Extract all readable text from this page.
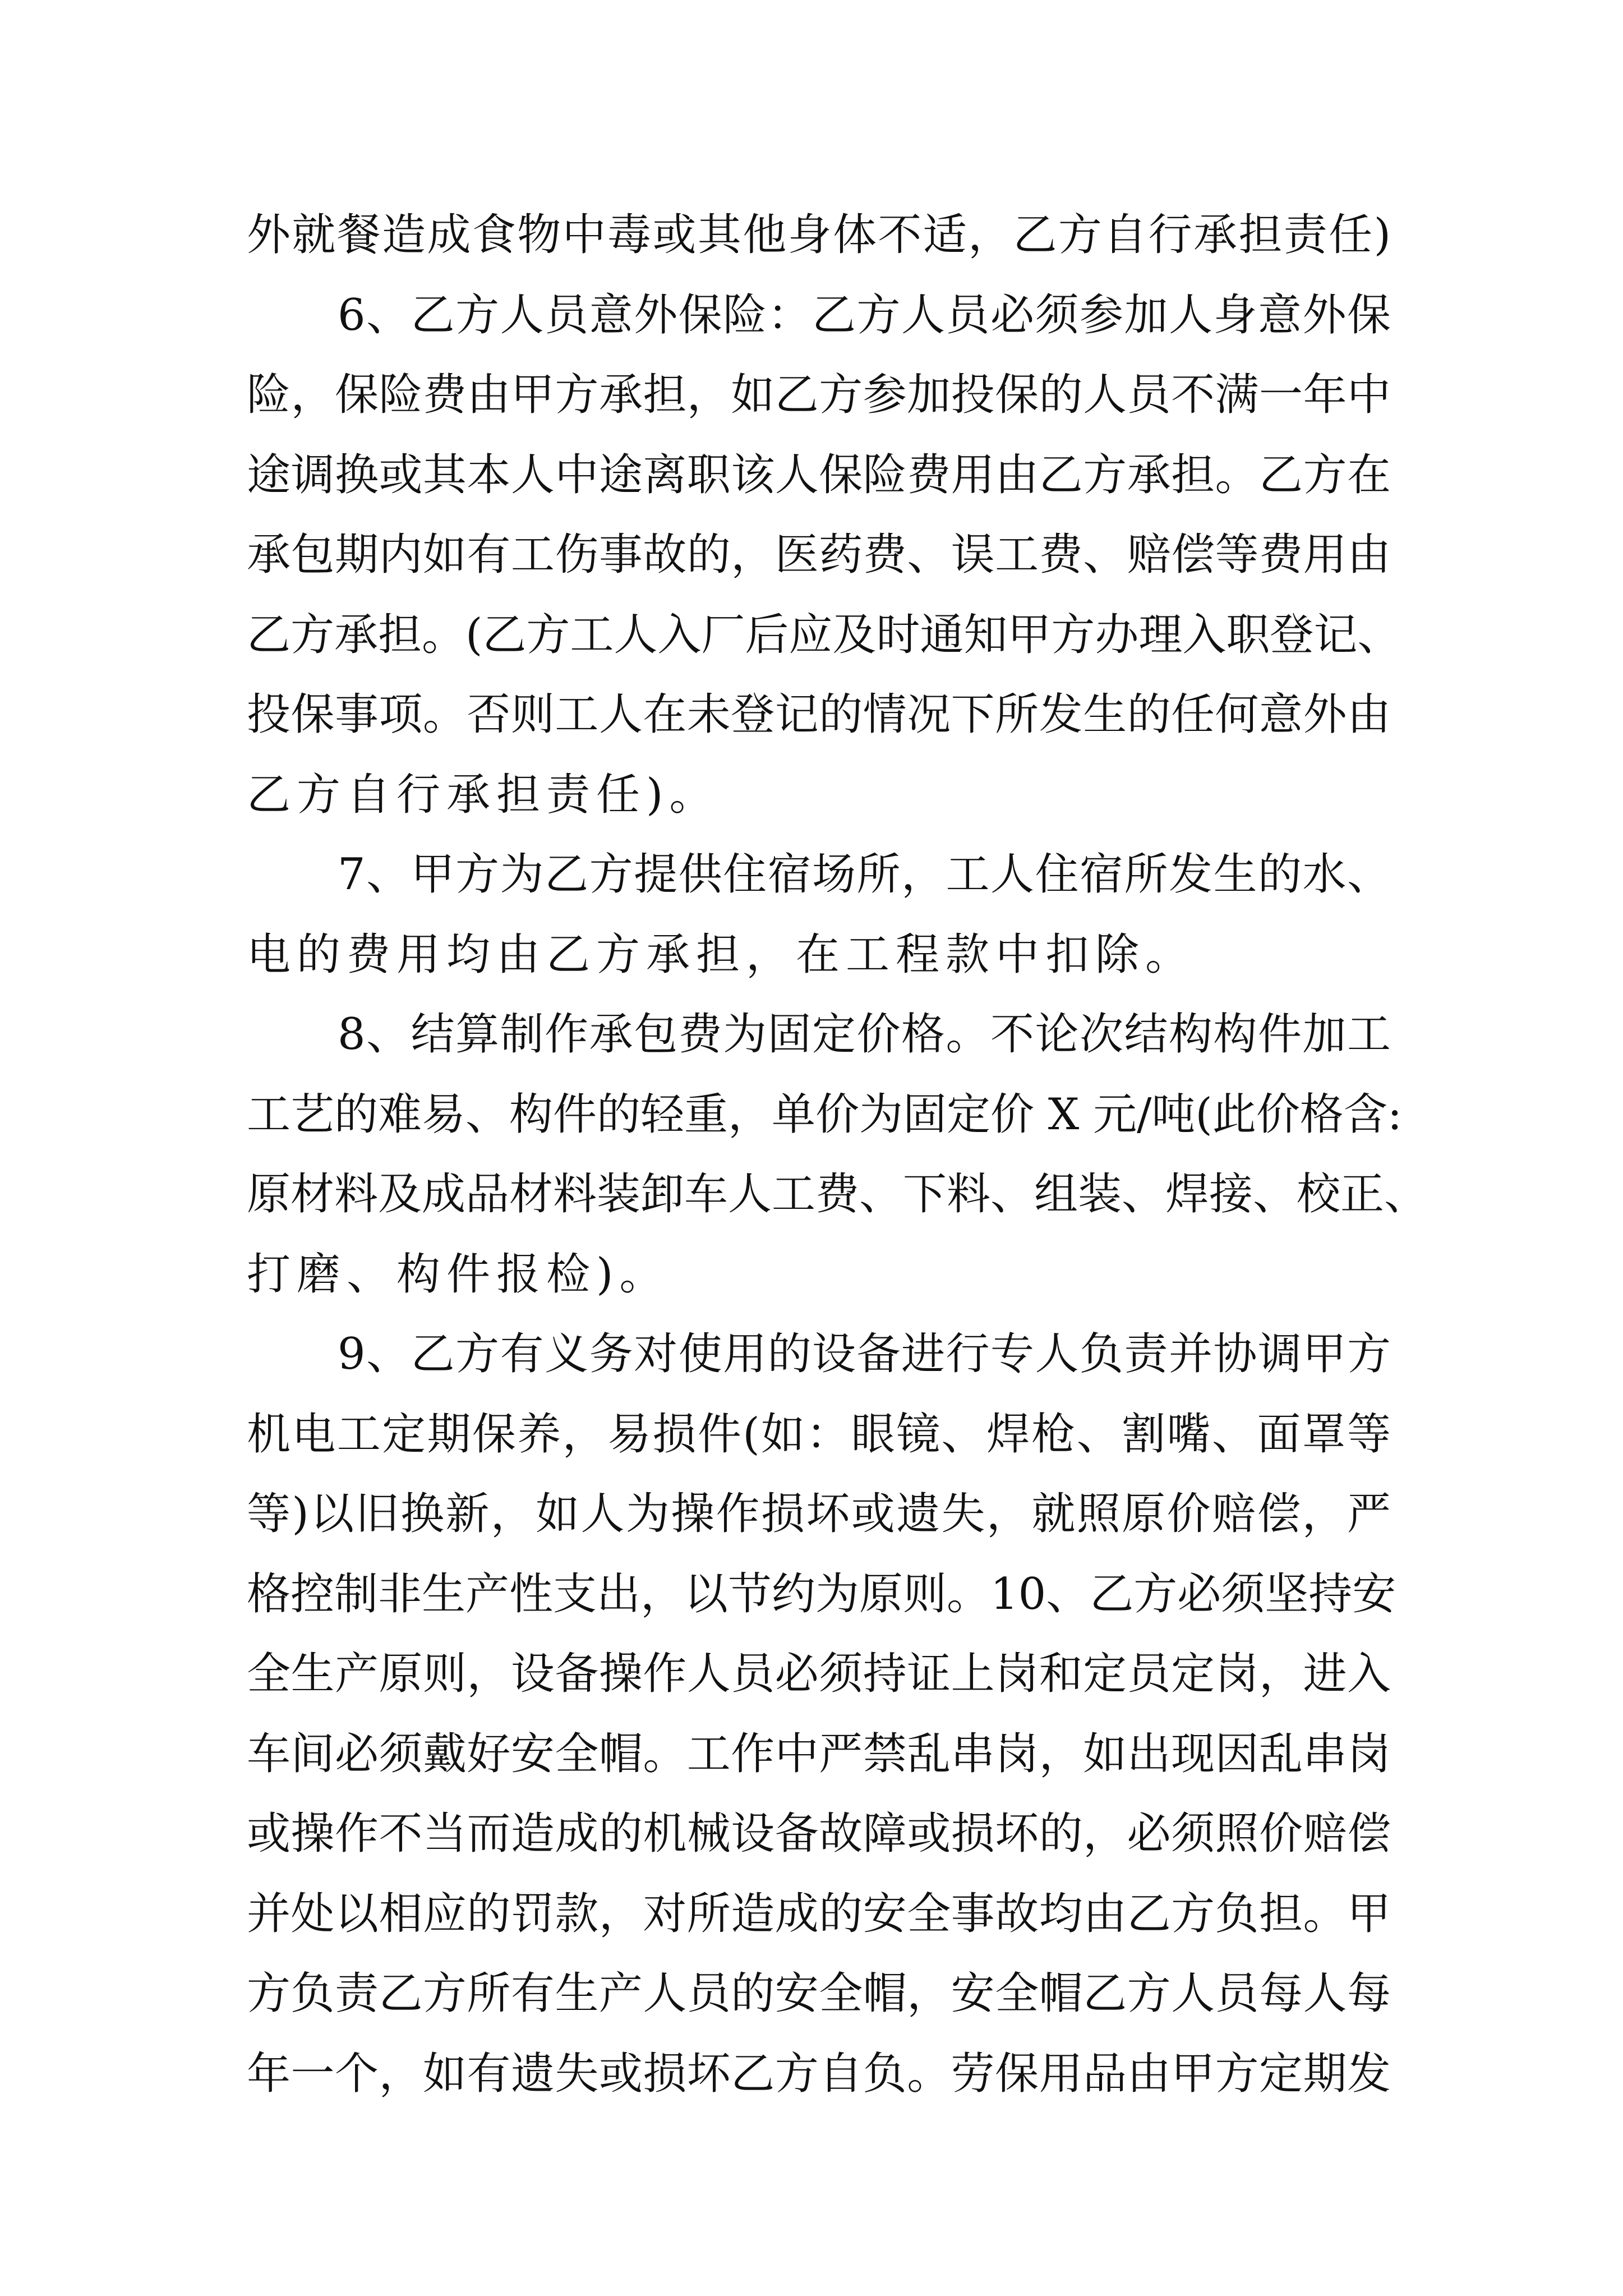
外就餐造成食物中毒或其他身体不适，乙方自行承担责任)
6、乙方人员意外保险：乙方人员必须参加人身意外保
险，保险费由甲方承担，如乙方参加投保的人员不满一年中
途调换或其本人中途离职该人保险费用由乙方承担。乙方在
承包期内如有工伤事故的，医药费、误工费、赔偿等费用由
乙方承担。(乙方工人入厂后应及时通知甲方办理入职登记、
投保事项。否则工人在未登记的情况下所发生的任何意外由
乙方自行承担责任)。
7、甲方为乙方提供住宿场所，工人住宿所发生的水、
电的费用均由乙方承担，在工程款中扣除。
8、结算制作承包费为固定价格。不论次结构构件加工
工艺的难易、构件的轻重，单价为固定价 X 元/吨(此价格含:
原材料及成品材料装卸车人工费、下料、组装、焊接、校正、
打磨、构件报检)。
9、乙方有义务对使用的设备进行专人负责并协调甲方
机电工定期保养，易损件(如：眼镜、焊枪、割嘴、面罩等
等)以旧换新，如人为操作损坏或遗失，就照原价赔偿，严
格控制非生产性支出，以节约为原则。10、乙方必须坚持安
全生产原则，设备操作人员必须持证上岗和定员定岗，进入
车间必须戴好安全帽。工作中严禁乱串岗，如出现因乱串岗
或操作不当而造成的机械设备故障或损坏的，必须照价赔偿
并处以相应的罚款，对所造成的安全事故均由乙方负担。甲
方负责乙方所有生产人员的安全帽，安全帽乙方人员每人每
年一个，如有遗失或损坏乙方自负。劳保用品由甲方定期发
